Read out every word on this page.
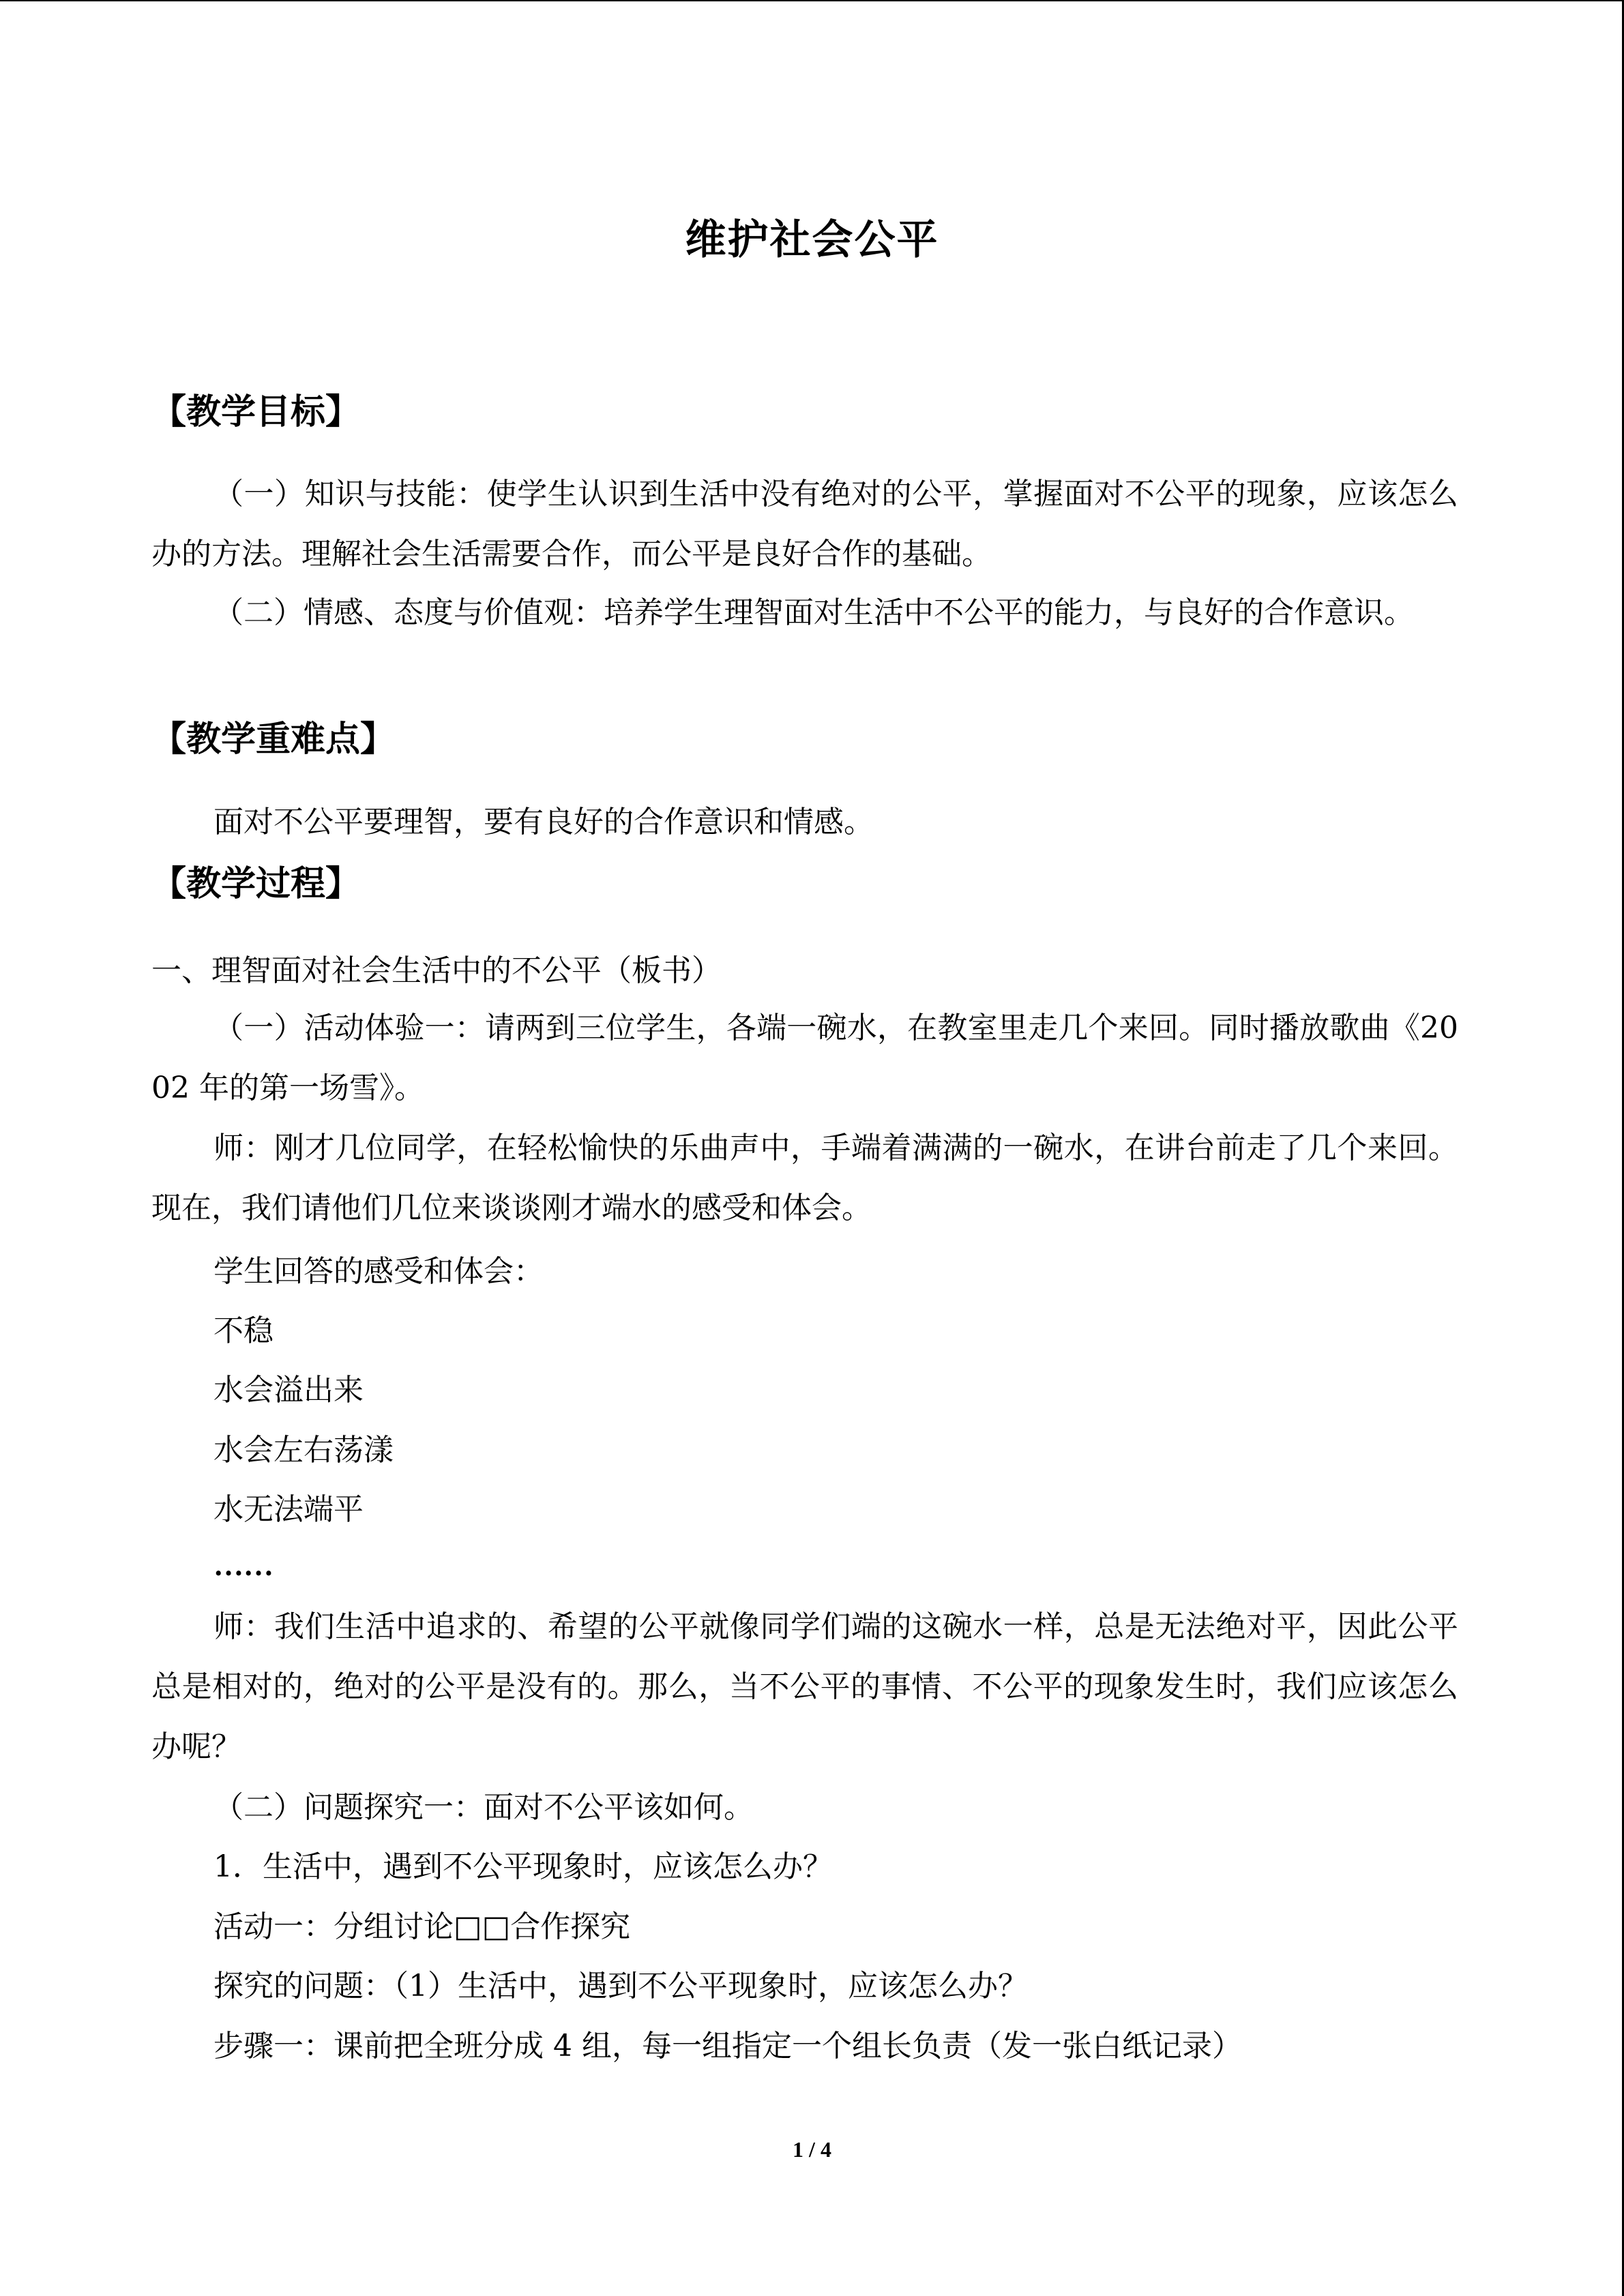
维护社会公平
【教学目标】
（一）知识与技能：使学生认识到生活中没有绝对的公平，掌握面对不公平的现象，应该怎么办的方法。理解社会生活需要合作，而公平是良好合作的基础。
（二）情感、态度与价值观：培养学生理智面对生活中不公平的能力，与良好的合作意识。
【教学重难点】
面对不公平要理智，要有良好的合作意识和情感。
【教学过程】
一、理智面对社会生活中的不公平（板书）
（一）活动体验一：请两到三位学生，各端一碗水，在教室里走几个来回。同时播放歌曲《2002 年的第一场雪》。
师：刚才几位同学，在轻松愉快的乐曲声中，手端着满满的一碗水，在讲台前走了几个来回。现在，我们请他们几位来谈谈刚才端水的感受和体会。
学生回答的感受和体会：
不稳
水会溢出来
水会左右荡漾
水无法端平
……
师：我们生活中追求的、希望的公平就像同学们端的这碗水一样，总是无法绝对平，因此公平总是相对的，绝对的公平是没有的。那么，当不公平的事情、不公平的现象发生时，我们应该怎么办呢？
（二）问题探究一：面对不公平该如何。
1．生活中，遇到不公平现象时，应该怎么办？
活动一：分组讨论□□合作探究
探究的问题：（1）生活中，遇到不公平现象时，应该怎么办？
步骤一：课前把全班分成 4 组，每一组指定一个组长负责（发一张白纸记录）
1 / 4
